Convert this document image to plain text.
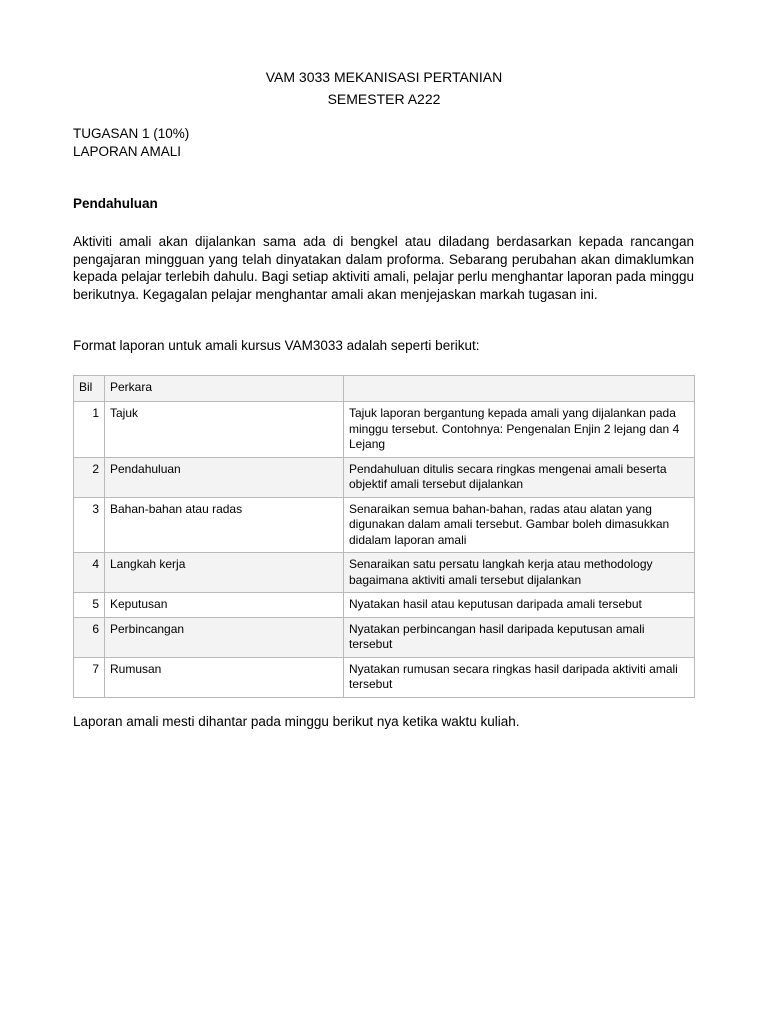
VAM 3033 MEKANISASI PERTANIAN
SEMESTER A222
TUGASAN 1 (10%)
LAPORAN AMALI
Pendahuluan
Aktiviti amali akan dijalankan sama ada di bengkel atau diladang berdasarkan kepada rancangan pengajaran mingguan yang telah dinyatakan dalam proforma. Sebarang perubahan akan dimaklumkan kepada pelajar terlebih dahulu. Bagi setiap aktiviti amali, pelajar perlu menghantar laporan pada minggu berikutnya. Kegagalan pelajar menghantar amali akan menjejaskan markah tugasan ini.
Format laporan untuk amali kursus VAM3033 adalah seperti berikut:
Bil	Perkara	
1	Tajuk	Tajuk laporan bergantung kepada amali yang dijalankan pada minggu tersebut. Contohnya: Pengenalan Enjin 2 lejang dan 4 Lejang
2	Pendahuluan	Pendahuluan ditulis secara ringkas mengenai amali beserta objektif amali tersebut dijalankan
3	Bahan-bahan atau radas	Senaraikan semua bahan-bahan, radas atau alatan yang digunakan dalam amali tersebut. Gambar boleh dimasukkan didalam laporan amali
4	Langkah kerja	Senaraikan satu persatu langkah kerja atau methodology bagaimana aktiviti amali tersebut dijalankan
5	Keputusan	Nyatakan hasil atau keputusan daripada amali tersebut
6	Perbincangan	Nyatakan perbincangan hasil daripada keputusan amali tersebut
7	Rumusan	Nyatakan rumusan secara ringkas hasil daripada aktiviti amali tersebut
Laporan amali mesti dihantar pada minggu berikut nya ketika waktu kuliah.
